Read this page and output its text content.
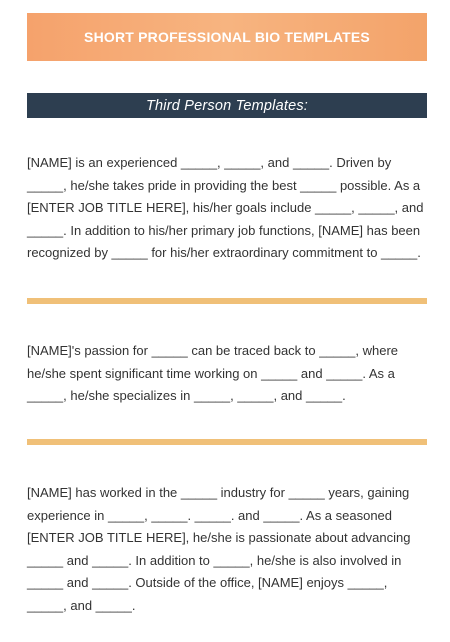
SHORT PROFESSIONAL BIO TEMPLATES
Third Person Templates:

[NAME] is an experienced _____, _____, and _____. Driven by _____, he/she takes pride in providing the best _____ possible. As a [ENTER JOB TITLE HERE], his/her goals include _____, _____, and _____. In addition to his/her primary job functions, [NAME] has been recognized by _____ for his/her extraordinary commitment to _____.

[NAME]'s passion for _____ can be traced back to _____, where he/she spent significant time working on _____ and _____. As a _____, he/she specializes in _____, _____, and _____.

[NAME] has worked in the _____ industry for _____ years, gaining experience in _____, _____. _____. and _____. As a seasoned [ENTER JOB TITLE HERE], he/she is passionate about advancing _____ and _____. In addition to _____, he/she is also involved in _____ and _____. Outside of the office, [NAME] enjoys _____, _____, and _____.
